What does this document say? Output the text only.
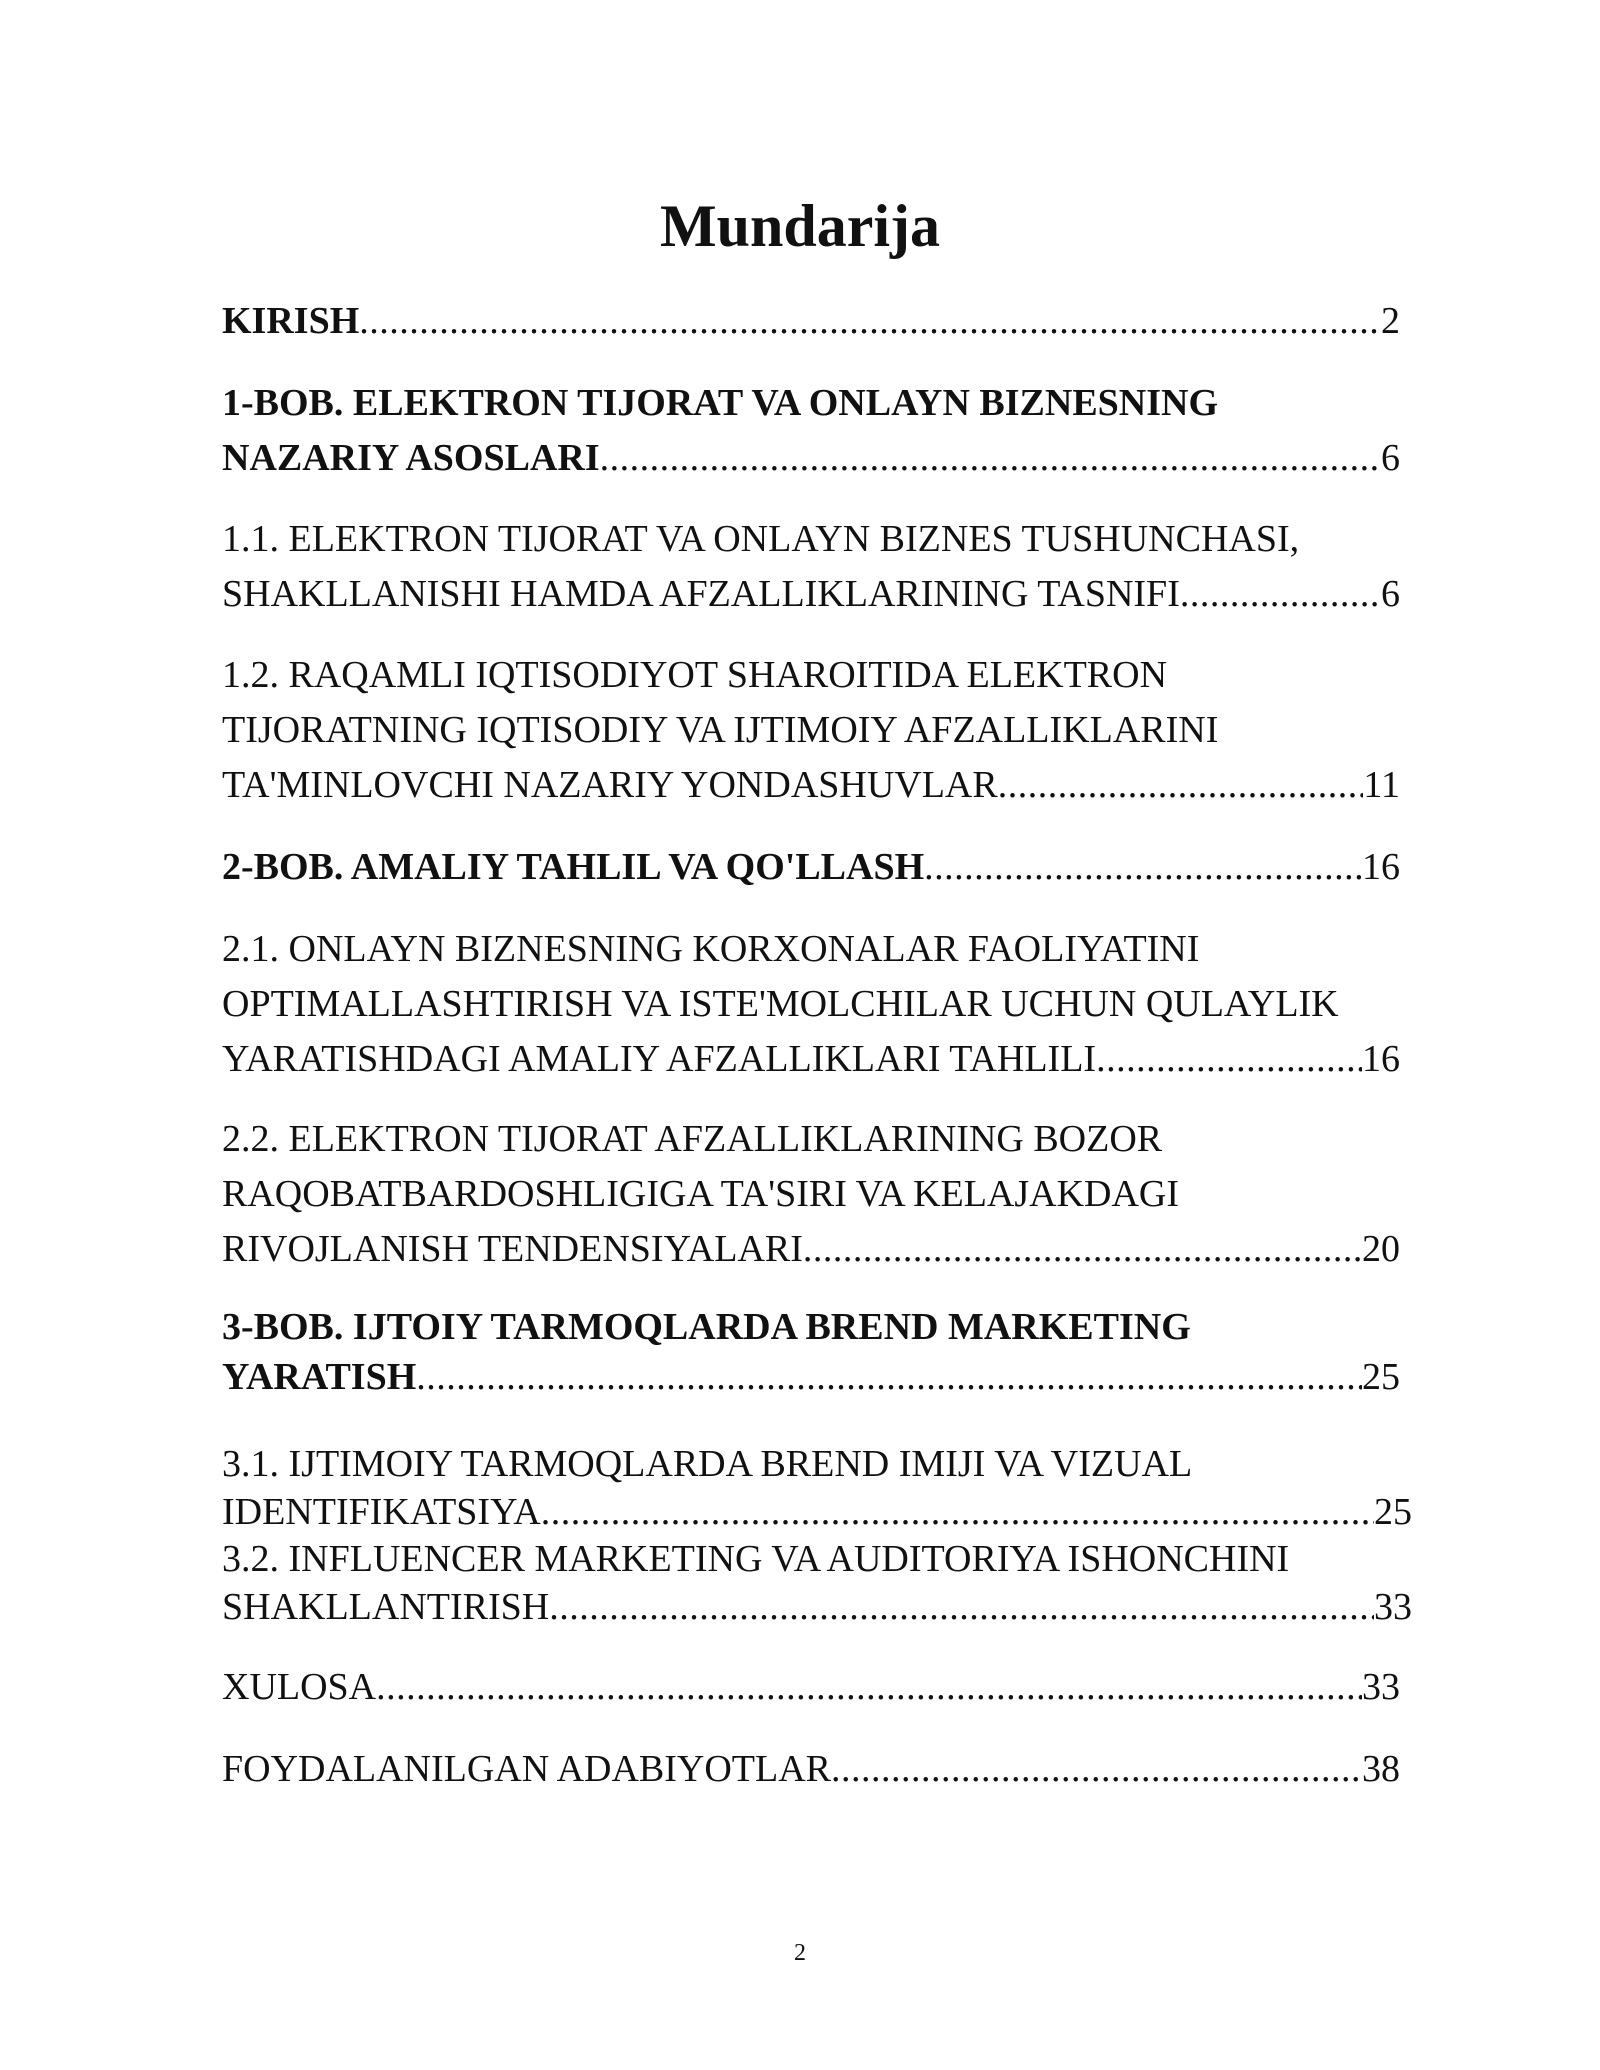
Mundarija
KIRISH .....	2
1-BOB. ELEKTRON TIJORAT VA ONLAYN BIZNESNING
NAZARIY ASOSLARI .....	6
1.1. ELEKTRON TIJORAT VA ONLAYN BIZNES TUSHUNCHASI,
SHAKLLANISHI HAMDA AFZALLIKLARINING TASNIFI .....	6
1.2. RAQAMLI IQTISODIYOT SHAROITIDA ELEKTRON
TIJORATNING IQTISODIY VA IJTIMOIY AFZALLIKLARINI
TA'MINLOVCHI NAZARIY YONDASHUVLAR .....	11
2-BOB. AMALIY TAHLIL VA QO'LLASH .....	16
2.1. ONLAYN BIZNESNING KORXONALAR FAOLIYATINI
OPTIMALLASHTIRISH VA ISTE'MOLCHILAR UCHUN QULAYLIK
YARATISHDAGI AMALIY AFZALLIKLARI TAHLILI .....	16
2.2. ELEKTRON TIJORAT AFZALLIKLARINING BOZOR
RAQOBATBARDOSHLIGIGA TA'SIRI VA KELAJAKDAGI
RIVOJLANISH TENDENSIYALARI .....	20
3-BOB. IJTOIY TARMOQLARDA BREND MARKETING
YARATISH .....	25
3.1. IJTIMOIY TARMOQLARDA BREND IMIJI VA VIZUAL
IDENTIFIKATSIYA .....	25
3.2. INFLUENCER MARKETING VA AUDITORIYA ISHONCHINI
SHAKLLANTIRISH .....	33
XULOSA .....	33
FOYDALANILGAN ADABIYOTLAR .....	38
2
